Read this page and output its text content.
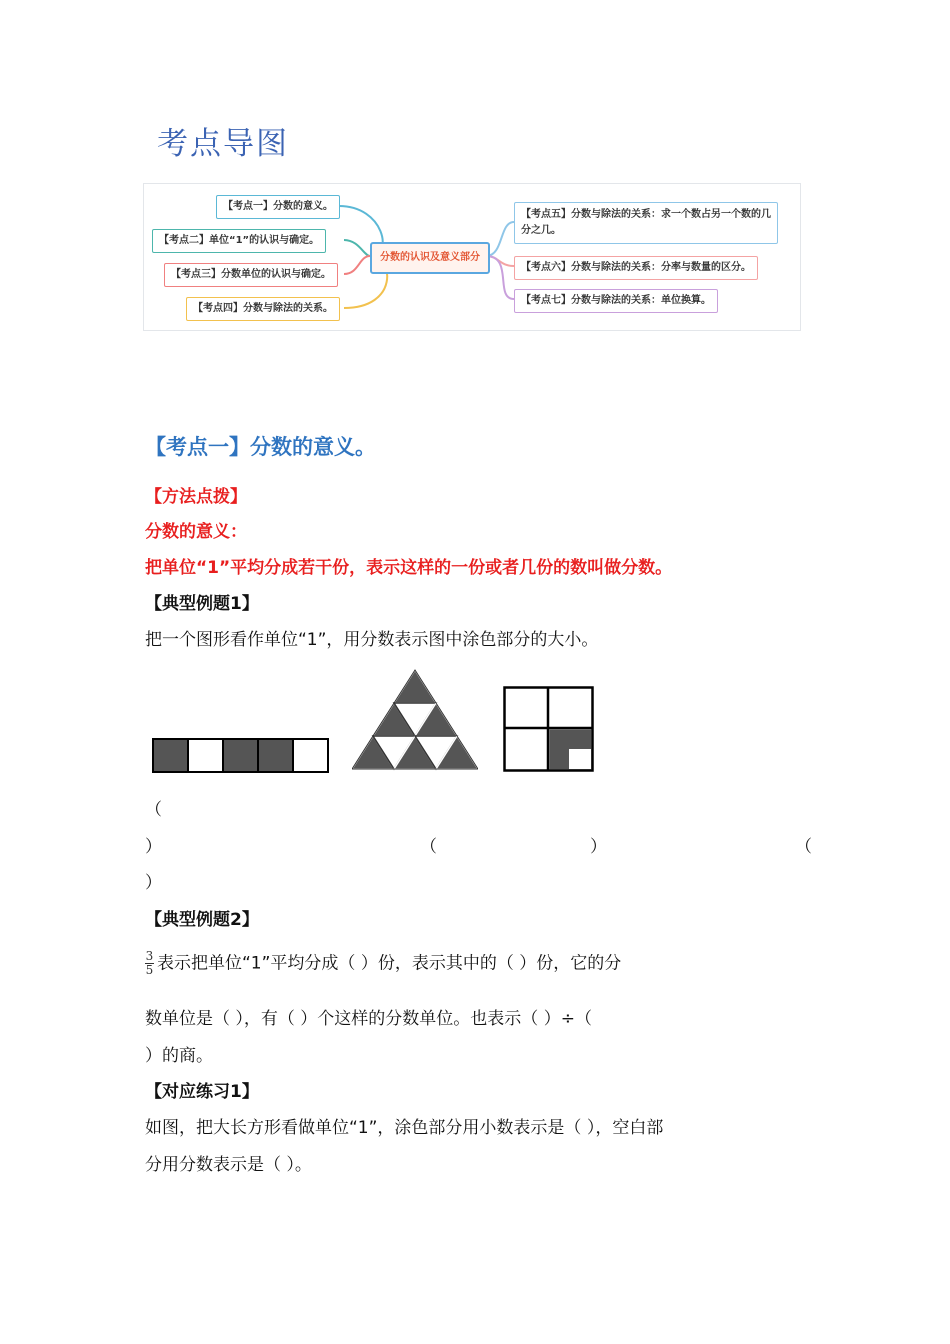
考点导图
分数的认识及意义部分
【考点一】分数的意义。
【考点二】单位“1”的认识与确定。
【考点三】分数单位的认识与确定。
【考点四】分数与除法的关系。
【考点五】分数与除法的关系：求一个数占另一个数的几
分之几。
【考点六】分数与除法的关系：分率与数量的区分。
【考点七】分数与除法的关系：单位换算。
【考点一】分数的意义。
【方法点拨】
分数的意义：
把单位“1”平均分成若干份，表示这样的一份或者几份的数叫做分数。
【典型例题1】
把一个图形看作单位“1”，用分数表示图中涂色部分的大小。
（
）	（	）	（
）
【典型例题2】
$\frac{3}{5}$ 表示把单位“1”平均分成（ ）份，表示其中的（ ）份，它的分
数单位是（ ），有（ ）个这样的分数单位。也表示（ ）÷（
）的商。
【对应练习1】
如图，把大长方形看做单位“1”，涂色部分用小数表示是（ ），空白部
分用分数表示是（ ）。
